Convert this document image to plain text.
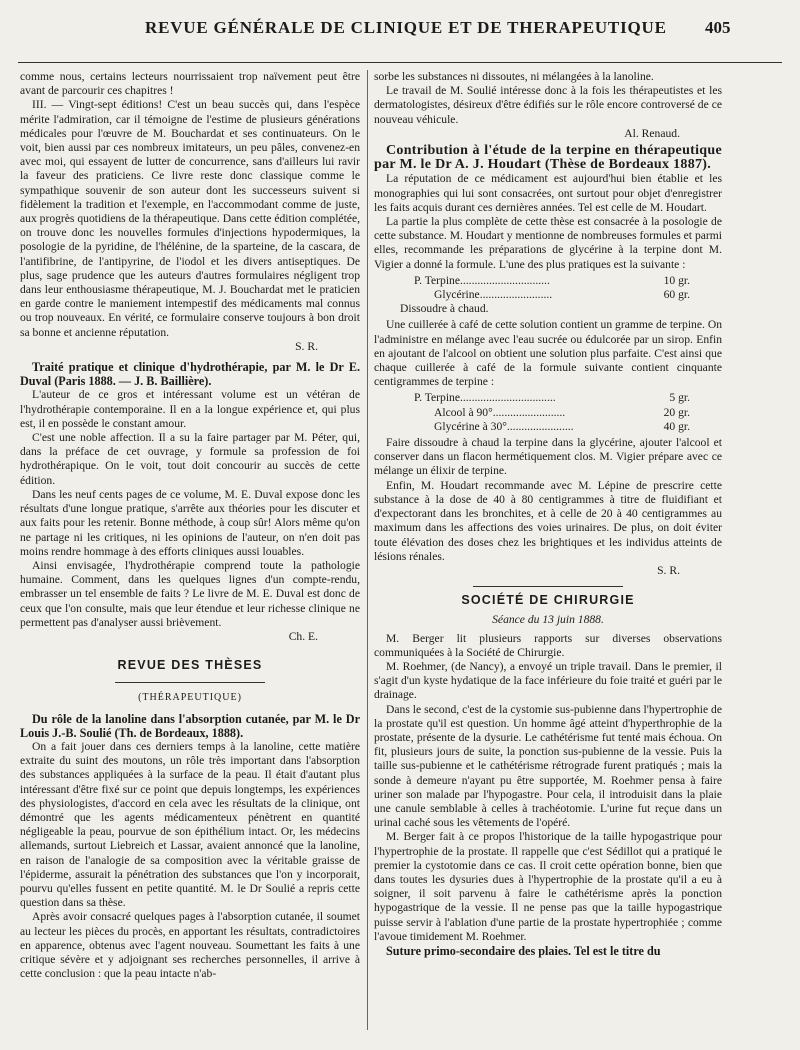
REVUE GÉNÉRALE DE CLINIQUE ET DE THERAPEUTIQUE 405

comme nous, certains lecteurs nourrissaient trop naïvement peut être avant de parcourir ces chapitres !

III. — Vingt-sept éditions! C'est un beau succès qui, dans l'espèce mérite l'admiration, car il témoigne de l'estime de plusieurs générations médicales pour l'œuvre de M. Bouchardat et ses continuateurs. On le voit, bien aussi par ces nombreux imitateurs, un peu pâles, convenez-en avec moi, qui essayent de lutter de concurrence, sans d'ailleurs lui ravir la faveur des praticiens. Ce livre reste donc classique comme le sympathique souvenir de son auteur dont les successeurs suivent si fidèlement la tradition et l'exemple, en l'accommodant comme de juste, aux progrès quotidiens de la thérapeutique. Dans cette édition complétée, on trouve donc les nouvelles formules d'injections hypodermiques, la posologie de la pyridine, de l'hélénine, de la sparteine, de la cascara, de l'antifibrine, de l'antipyrine, de l'iodol et les divers antiseptiques. De plus, sage prudence que les auteurs d'autres formulaires négligent trop dans leur enthousiasme thérapeutique, M. J. Bouchardat met le praticien en garde contre le maniement intempestif des médicaments mal connus ou trop nouveaux. En vérité, ce formulaire conserve toujours à bon droit sa bonne et ancienne réputation.

S. R.

Traité pratique et clinique d'hydrothérapie, par M. le Dr E. Duval (Paris 1888. — J. B. Baillière).

L'auteur de ce gros et intéressant volume est un vétéran de l'hydrothérapie contemporaine. Il en a la longue expérience et, qui plus est, il en possède le constant amour.

C'est une noble affection. Il a su la faire partager par M. Péter, qui, dans la préface de cet ouvrage, y formule sa profession de foi hydrothérapique. On le voit, tout doit concourir au succès de cette édition.

Dans les neuf cents pages de ce volume, M. E. Duval expose donc les résultats d'une longue pratique, s'arrête aux théories pour les discuter et aux faits pour les retenir. Bonne méthode, à coup sûr! Alors même qu'on ne partage ni les critiques, ni les opinions de l'auteur, on n'en doit pas moins rendre hommage à des efforts cliniques aussi louables.

Ainsi envisagée, l'hydrothérapie comprend toute la pathologie humaine. Comment, dans les quelques lignes d'un compte-rendu, embrasser un tel ensemble de faits ? Le livre de M. E. Duval est donc de ceux que l'on consulte, mais que leur étendue et leur richesse clinique ne permettent pas d'analyser aussi brièvement.

Ch. E.

REVUE DES THÈSES
(THÉRAPEUTIQUE)

Du rôle de la lanoline dans l'absorption cutanée, par M. le Dr Louis J.-B. Soulié (Th. de Bordeaux, 1888).

On a fait jouer dans ces derniers temps à la lanoline, cette matière extraite du suint des moutons, un rôle très important dans l'absorption des substances appliquées à la surface de la peau. Il était d'autant plus intéressant d'être fixé sur ce point que depuis longtemps, les expériences des physiologistes, d'accord en cela avec les résultats de la clinique, ont démontré que les agents médicamenteux pénètrent en quantité négligeable la peau, pourvue de son épithélium intact. Or, les médecins allemands, surtout Liebreich et Lassar, avaient annoncé que la lanoline, en raison de l'analogie de sa composition avec la véritable graisse de l'épiderme, assurait la pénétration des substances que l'on y incorporait, pourvu qu'elles fussent en petite quantité. M. le Dr Soulié a repris cette question dans sa thèse.

Après avoir consacré quelques pages à l'absorption cutanée, il soumet au lecteur les pièces du procès, en apportant les résultats, contradictoires en apparence, obtenus avec l'agent nouveau. Soumettant les faits à une critique sévère et y adjoignant ses recherches personnelles, il arrive à cette conclusion : que la peau intacte n'ab-

sorbe les substances ni dissoutes, ni mélangées à la lanoline.

Le travail de M. Soulié intéresse donc à la fois les thérapeutistes et les dermatologistes, désireux d'être édifiés sur le rôle encore controversé de ce nouveau véhicule.

Al. Renaud.

Contribution à l'étude de la terpine en thérapeutique par M. le Dr A. J. Houdart (Thèse de Bordeaux 1887).

La réputation de ce médicament est aujourd'hui bien établie et les monographies qui lui sont consacrées, ont surtout pour objet d'enregistrer les faits acquis durant ces dernières années. Tel est celle de M. Houdart.

La partie la plus complète de cette thèse est consacrée à la posologie de cette substance. M. Houdart y mentionne de nombreuses formules et parmi elles, recommande les préparations de glycérine à la terpine dont M. Vigier a donné la formule. L'une des plus pratiques est la suivante :

P. Terpine...............................	10 gr.
Glycérine.........................	60 gr.
Dissoudre à chaud.

Une cuillerée à café de cette solution contient un gramme de terpine. On l'administre en mélange avec l'eau sucrée ou édulcorée par un sirop. Enfin en ajoutant de l'alcool on obtient une solution plus parfaite. C'est ainsi que chaque cuillerée à café de la formule suivante contient cinquante centigrammes de terpine :

P. Terpine.................................	5 gr.
Alcool à 90°.........................	20 gr.
Glycérine à 30°.......................	40 gr.

Faire dissoudre à chaud la terpine dans la glycérine, ajouter l'alcool et conserver dans un flacon hermétiquement clos. M. Vigier prépare avec ce mélange un élixir de terpine.

Enfin, M. Houdart recommande avec M. Lépine de prescrire cette substance à la dose de 40 à 80 centigrammes à titre de fluidifiant et d'expectorant dans les bronchites, et à celle de 20 à 40 centigrammes au maximum dans les affections des voies urinaires. De plus, on doit éviter toute élévation des doses chez les brightiques et les individus atteints de lésions rénales.

S. R.

SOCIÉTÉ DE CHIRURGIE
Séance du 13 juin 1888.

M. Berger lit plusieurs rapports sur diverses observations communiquées à la Société de Chirurgie.

M. Roehmer, (de Nancy), a envoyé un triple travail. Dans le premier, il s'agit d'un kyste hydatique de la face inférieure du foie traité et guéri par le drainage.

Dans le second, c'est de la cystomie sus-pubienne dans l'hypertrophie de la prostate qu'il est question. Un homme âgé atteint d'hyperthrophie de la prostate, présente de la dysurie. Le cathétérisme fut tenté mais échoua. On fit, plusieurs jours de suite, la ponction sus-pubienne de la vessie. Puis la taille sus-pubienne et le cathétérisme rétrograde furent pratiqués ; mais la sonde à demeure n'ayant pu être supportée, M. Roehmer pensa à faire uriner son malade par l'hypogastre. Pour cela, il introduisit dans la plaie une canule semblable à celles à trachéotomie. L'urine fut reçue dans un urinal caché sous les vêtements de l'opéré.

M. Berger fait à ce propos l'historique de la taille hypogastrique pour l'hypertrophie de la prostate. Il rappelle que c'est Sédillot qui a pratiqué le premier la cystotomie dans ce cas. Il croit cette opération bonne, bien que dans toutes les dysuries dues à l'hypertrophie de la prostate qu'il a eu à soigner, il soit parvenu à faire le cathétérisme après la ponction hypogastrique de la vessie. Il ne pense pas que la taille hypogastrique puisse servir à l'ablation d'une partie de la prostate hypertrophiée ; comme l'avoue timidement M. Roehmer.

Suture primo-secondaire des plaies. Tel est le titre du
